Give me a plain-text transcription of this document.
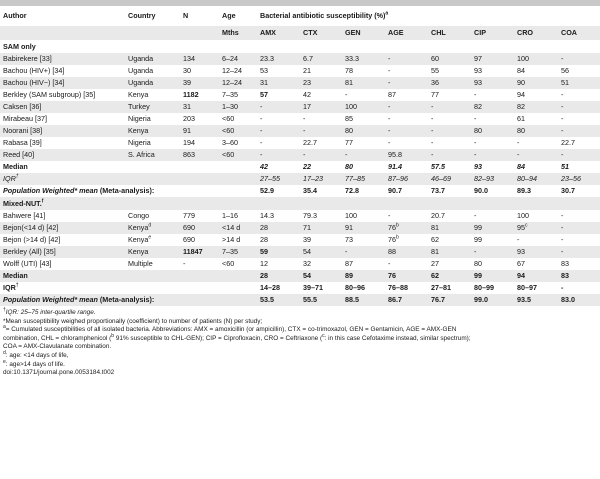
Author	Country	N	Age	Bacterial antibiotic susceptibility (%)$^a$
			Mths	AMX	CTX	GEN	AGE	CHL	CIP	CRO	COA
SAM only											
Babirekere [33]	Uganda	134	6–24	23.3	6.7	33.3	-	60	97	100	-
Bachou (HIV+) [34]	Uganda	30	12–24	53	21	78	-	55	93	84	56
Bachou (HIV−) [34]	Uganda	39	12–24	31	23	81	-	36	93	90	51
Berkley (SAM subgroup) [35]	Kenya	1182	7–35	57	42	-	87	77	-	94	-
Caksen [36]	Turkey	31	1–30	-	17	100	-	-	82	82	-
Mirabeau [37]	Nigeria	203	<60	-	-	85	-	-	-	61	-
Noorani [38]	Kenya	91	<60	-	-	80	-	-	80	80	-
Rabasa [39]	Nigeria	194	3–60	-	22.7	77	-	-	-	-	22.7
Reed [40]	S. Africa	863	<60	-	-	-	95.8	-	-	-	-
Median				42	22	80	91.4	57.5	93	84	51
IQR†				27–55	17–23	77–85	87–96	46–69	82–93	80–94	23–56
Population Weighted* mean (Meta-analysis):				52.9	35.4	72.8	90.7	73.7	90.0	89.3	30.7
Mixed-NUT.$^f$
Bahwere [41]	Congo	779	1–16	14.3	79.3	100	-	20.7	-	100	-
Bejon(<14 d) [42]	Kenya$^d$	690	<14 d	28	71	91	76$^b$	81	99	95$^c$	-
Bejon (>14 d) [42]	Kenya$^e$	690	>14 d	28	39	73	76$^b$	62	99	-	-
Berkley (All) [35]	Kenya	11847	7–35	59	54	-	88	81	-	93	-
Wolff (UTI) [43]	Multiple	-	<60	12	32	87	-	27	80	67	83
Median				28	54	89	76	62	99	94	83
IQR†				14–28	39–71	80–96	76–88	27–81	80–99	80–97	-
Population Weighted* mean (Meta-analysis):				53.5	55.5	88.5	86.7	76.7	99.0	93.5	83.0
†IQR: 25–75 inter-quartile range.
*Mean susceptibility weighed proportionally (coefficient) to number of patients (N) per study;
$^a$= Cumulated susceptibilities of all isolated bacteria. Abbreviations: AMX = amoxicillin (or ampicillin), CTX = co-trimoxazol, GEN = Gentamicin, AGE = AMX-GEN
combination, CHL = chloramphenicol ($^b$ 91% susceptible to CHL-GEN); CIP = Ciprofloxacin, CRO = Ceftriaxone ($^c$: in this case Cefotaxime instead, similar spectrum);
COA = AMX-Clavulanate combination.
$^d$: age: <14 days of life,
$^e$: age>14 days of life.
doi:10.1371/journal.pone.0053184.t002
